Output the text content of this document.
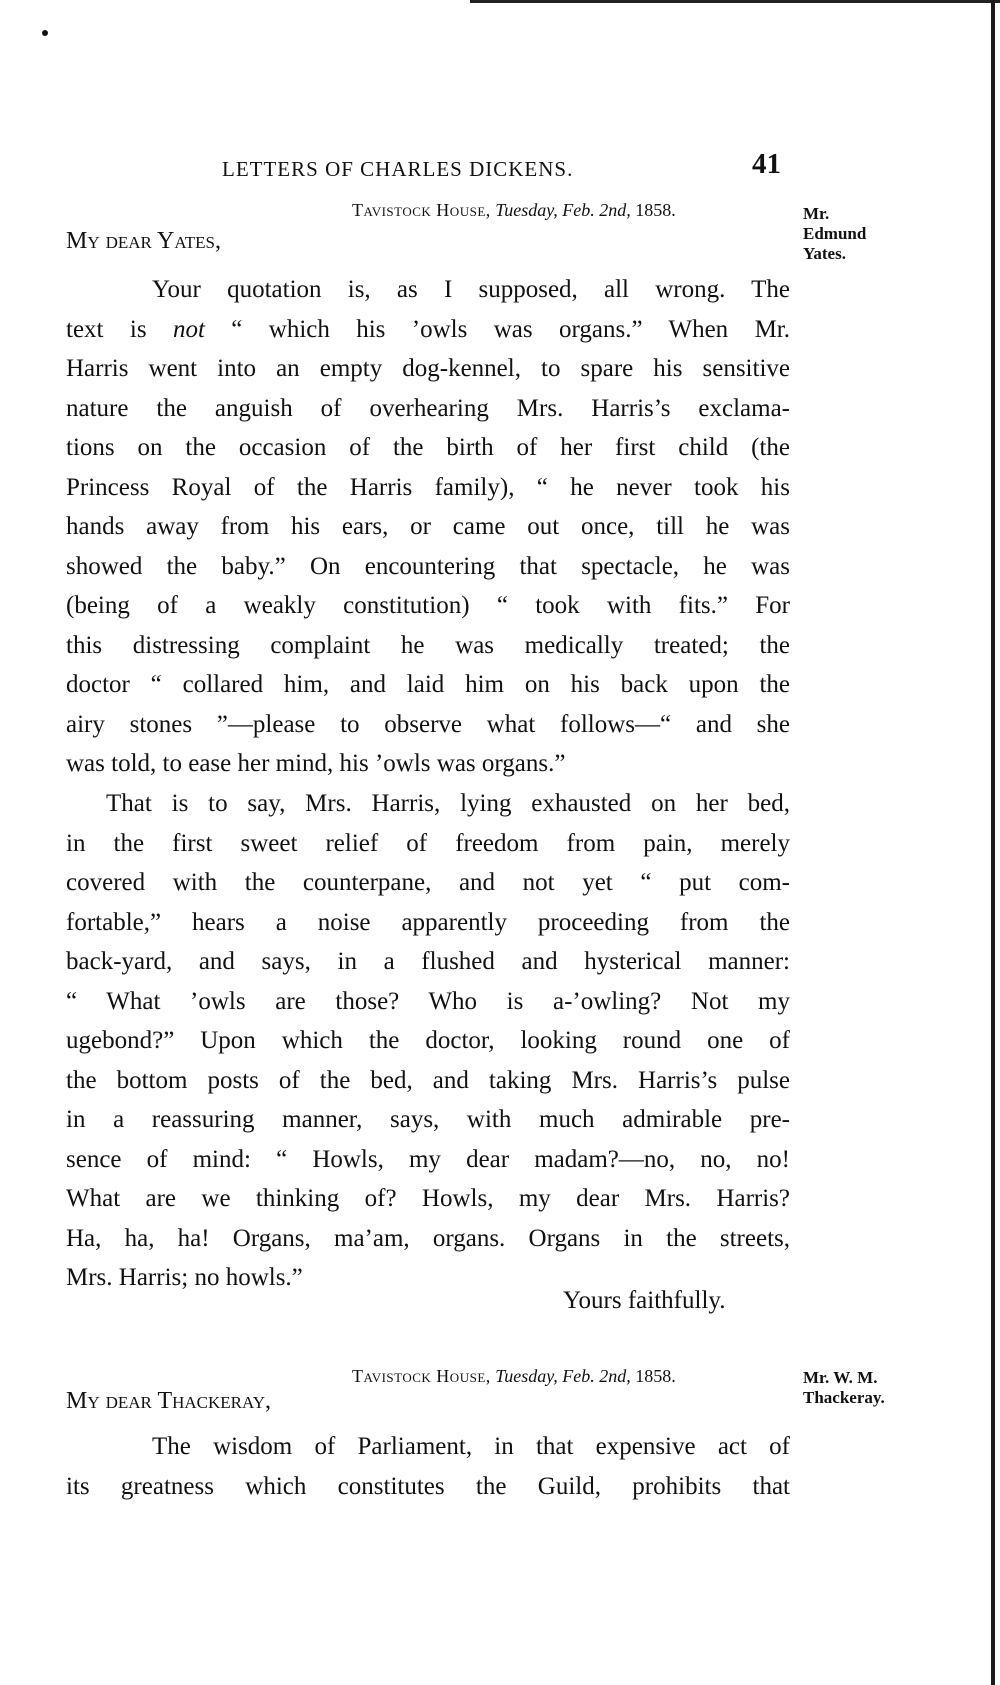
LETTERS OF CHARLES DICKENS.	41
Tavistock House, Tuesday, Feb. 2nd, 1858.	Mr.
Edmund
Yates.
My dear Yates,
Your quotation is, as I supposed, all wrong. The
text is not “ which his ’owls was organs.” When Mr.
Harris went into an empty dog-kennel, to spare his sensitive
nature the anguish of overhearing Mrs. Harris’s exclama-
tions on the occasion of the birth of her first child (the
Princess Royal of the Harris family), “ he never took his
hands away from his ears, or came out once, till he was
showed the baby.” On encountering that spectacle, he was
(being of a weakly constitution) “ took with fits.” For
this distressing complaint he was medically treated; the
doctor “ collared him, and laid him on his back upon the
airy stones ”—please to observe what follows—“ and she
was told, to ease her mind, his ’owls was organs.”
That is to say, Mrs. Harris, lying exhausted on her bed,
in the first sweet relief of freedom from pain, merely
covered with the counterpane, and not yet “ put com-
fortable,” hears a noise apparently proceeding from the
back-yard, and says, in a flushed and hysterical manner:
“ What ’owls are those? Who is a-’owling? Not my
ugebond?” Upon which the doctor, looking round one of
the bottom posts of the bed, and taking Mrs. Harris’s pulse
in a reassuring manner, says, with much admirable pre-
sence of mind: “ Howls, my dear madam?—no, no, no!
What are we thinking of? Howls, my dear Mrs. Harris?
Ha, ha, ha! Organs, ma’am, organs. Organs in the streets,
Mrs. Harris; no howls.”
Yours faithfully.
Tavistock House, Tuesday, Feb. 2nd, 1858.	Mr. W. M.
Thackeray.
My dear Thackeray,
The wisdom of Parliament, in that expensive act of
its greatness which constitutes the Guild, prohibits that
